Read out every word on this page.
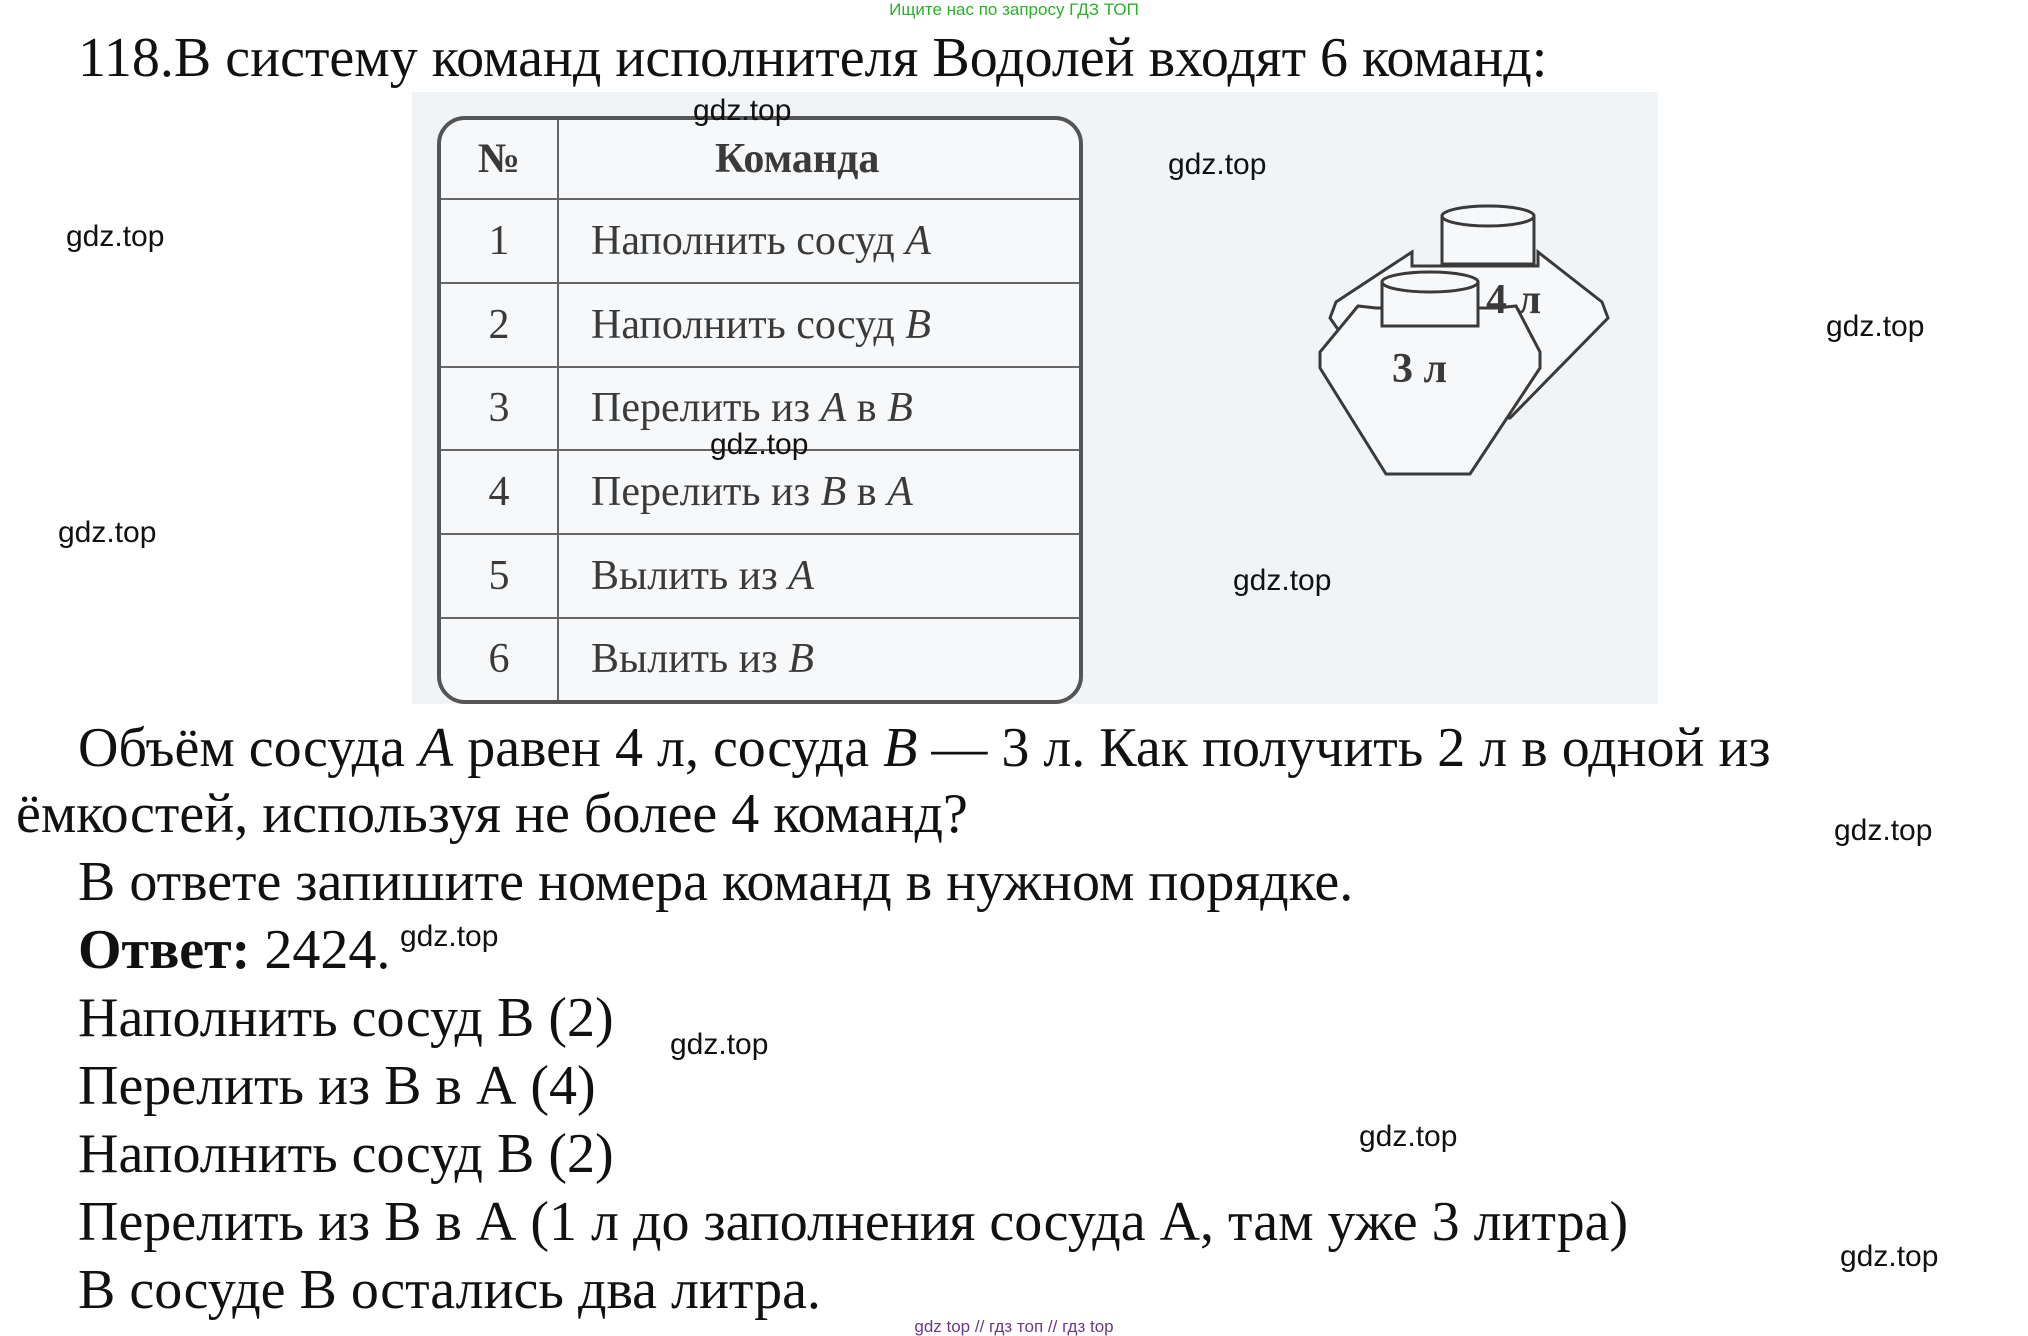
Ищите нас по запросу ГДЗ ТОП
118.В систему команд исполнителя Водолей входят 6 команд:
№	Команда
1	Наполнить сосуд A
2	Наполнить сосуд B
3	Перелить из A в B
4	Перелить из B в A
5	Вылить из A
6	Вылить из B
4 л
3 л
Объём сосуда A равен 4 л, сосуда B — 3 л. Как получить 2 л в одной из
ёмкостей, используя не более 4 команд?
В ответе запишите номера команд в нужном порядке.
Ответ: 2424.
Наполнить сосуд В (2)
Перелить из В в А (4)
Наполнить сосуд В (2)
Перелить из В в А (1 л до заполнения сосуда А, там уже 3 литра)
В сосуде В остались два литра.
gdz.top
gdz.top
gdz.top
gdz.top
gdz.top
gdz.top
gdz.top
gdz.top
gdz.top
gdz.top
gdz.top
gdz.top
gdz top // гдз топ // гдз top
